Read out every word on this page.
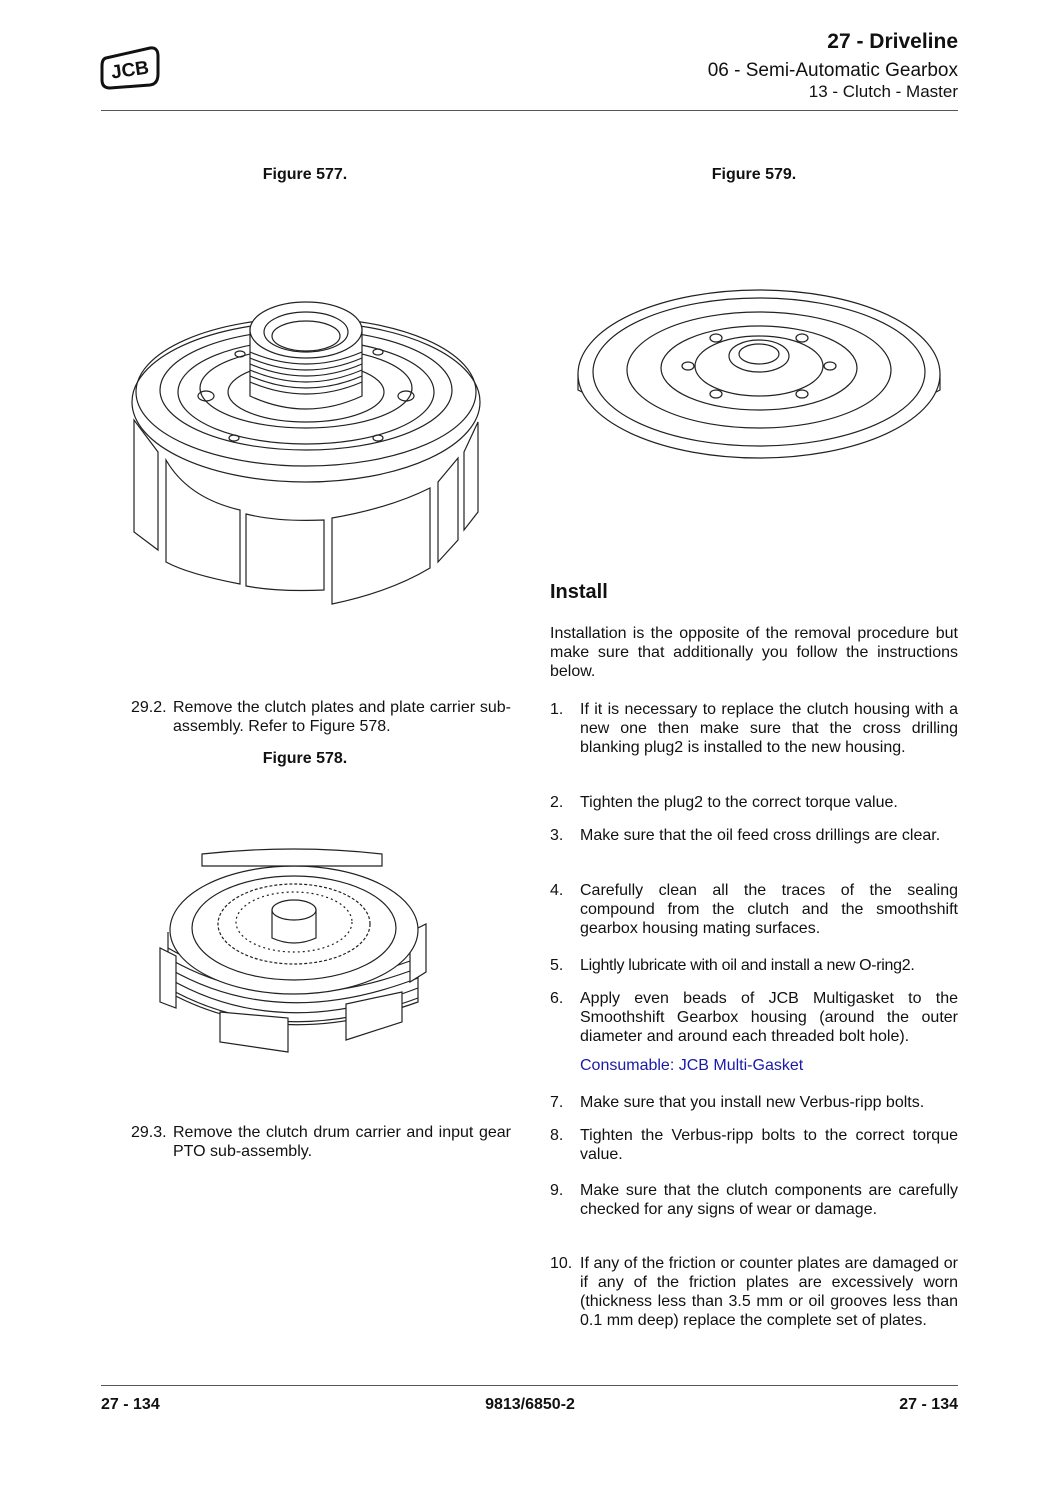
JCB
27 - Driveline
06 - Semi-Automatic Gearbox
13 - Clutch - Master
Figure 577.
29.2. Remove the clutch plates and plate carrier sub-assembly. Refer to Figure 578.
Figure 578.
29.3. Remove the clutch drum carrier and input gear PTO sub-assembly.
Figure 579.
Install
Installation is the opposite of the removal procedure but make sure that additionally you follow the instructions below.
1. If it is necessary to replace the clutch housing with a new one then make sure that the cross drilling blanking plug2 is installed to the new housing.
2. Tighten the plug2 to the correct torque value.
3. Make sure that the oil feed cross drillings are clear.
4. Carefully clean all the traces of the sealing compound from the clutch and the smoothshift gearbox housing mating surfaces.
5. Lightly lubricate with oil and install a new O-ring2.
6. Apply even beads of JCB Multigasket to the Smoothshift Gearbox housing (around the outer diameter and around each threaded bolt hole).
Consumable: JCB Multi-Gasket
7. Make sure that you install new Verbus-ripp bolts.
8. Tighten the Verbus-ripp bolts to the correct torque value.
9. Make sure that the clutch components are carefully checked for any signs of wear or damage.
10. If any of the friction or counter plates are damaged or if any of the friction plates are excessively worn (thickness less than 3.5 mm or oil grooves less than 0.1 mm deep) replace the complete set of plates.
27 - 134	9813/6850-2	27 - 134
